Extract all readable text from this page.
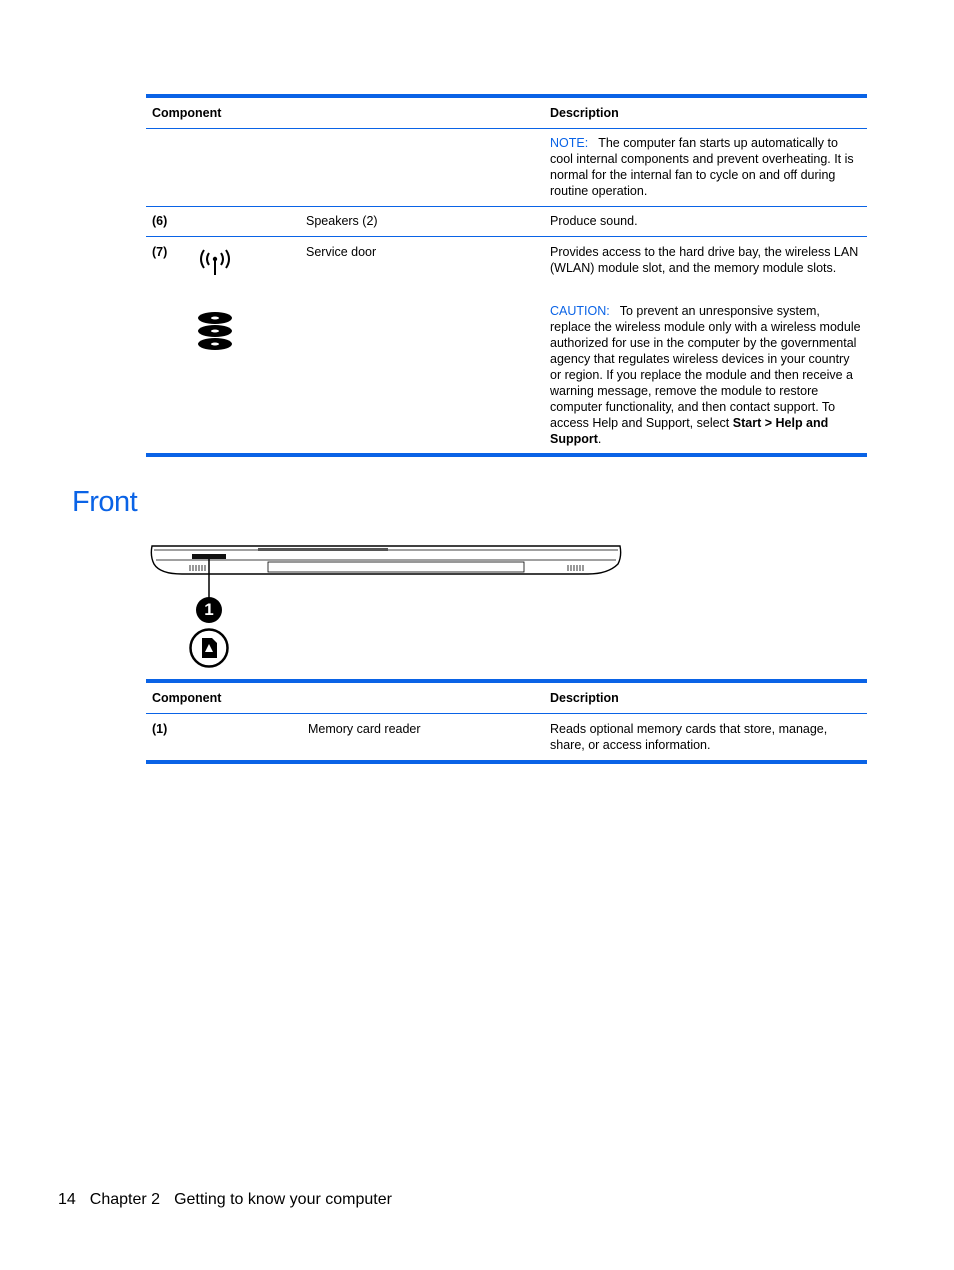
Component	Description
NOTE: The computer fan starts up automatically to cool internal components and prevent overheating. It is normal for the internal fan to cycle on and off during routine operation.
(6)	Speakers (2)	Produce sound.
(7)	Service door	Provides access to the hard drive bay, the wireless LAN (WLAN) module slot, and the memory module slots.
CAUTION: To prevent an unresponsive system, replace the wireless module only with a wireless module authorized for use in the computer by the governmental agency that regulates wireless devices in your country or region. If you replace the module and then receive a warning message, remove the module to restore computer functionality, and then contact support. To access Help and Support, select Start > Help and Support.
Front
1
Component	Description
(1)	Memory card reader	Reads optional memory cards that store, manage, share, or access information.
14 Chapter 2 Getting to know your computer
